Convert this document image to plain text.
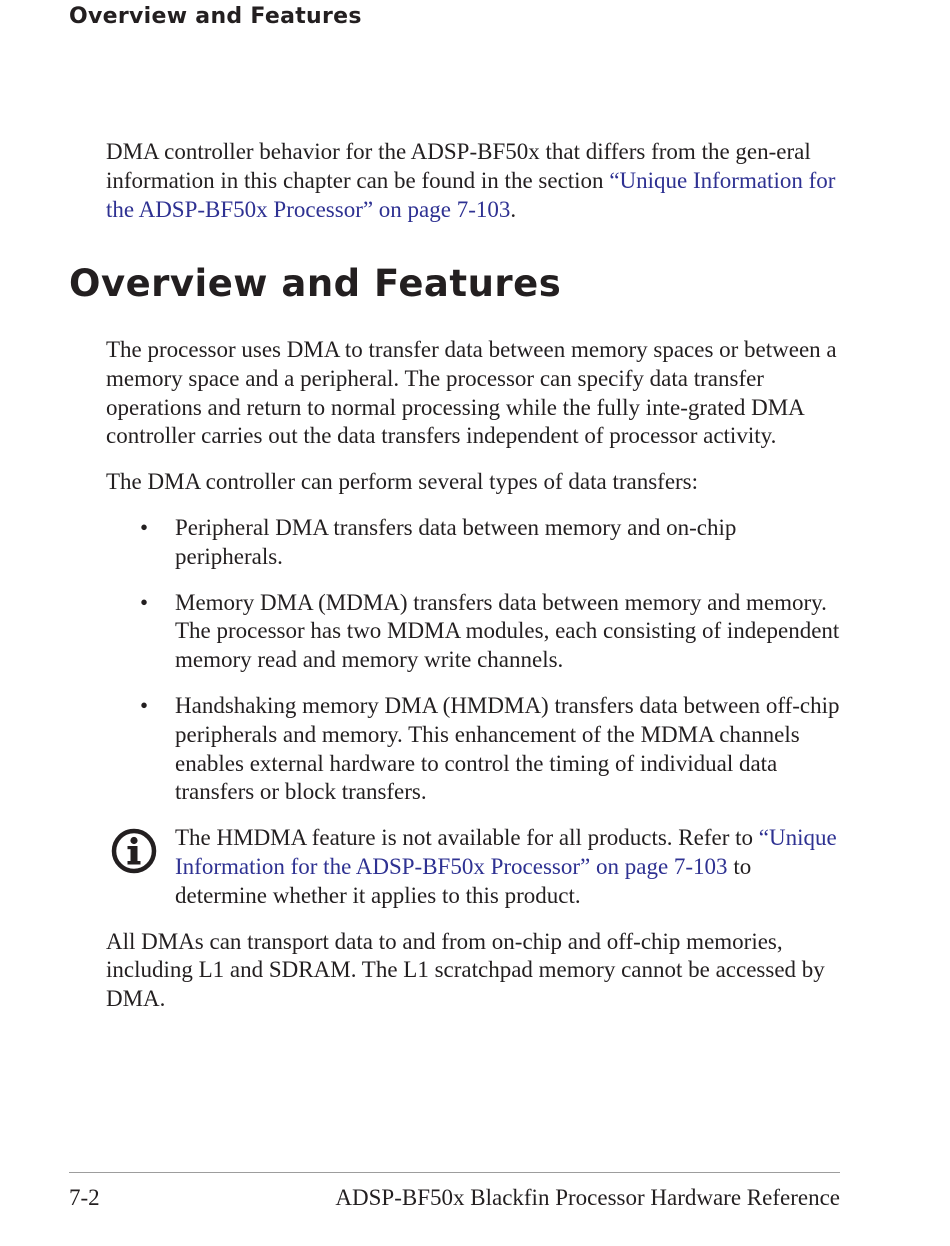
Overview and Features

DMA controller behavior for the ADSP-BF50x that differs from the gen-eral information in this chapter can be found in the section “Unique Information for the ADSP-BF50x Processor” on page 7-103.

Overview and Features

The processor uses DMA to transfer data between memory spaces or between a memory space and a peripheral. The processor can specify data transfer operations and return to normal processing while the fully inte-grated DMA controller carries out the data transfers independent of processor activity.

The DMA controller can perform several types of data transfers:

• Peripheral DMA transfers data between memory and on-chip peripherals.
• Memory DMA (MDMA) transfers data between memory and memory. The processor has two MDMA modules, each consisting of independent memory read and memory write channels.
• Handshaking memory DMA (HMDMA) transfers data between off-chip peripherals and memory. This enhancement of the MDMA channels enables external hardware to control the timing of individual data transfers or block transfers.

The HMDMA feature is not available for all products. Refer to “Unique Information for the ADSP-BF50x Processor” on page 7-103 to determine whether it applies to this product.

All DMAs can transport data to and from on-chip and off-chip memories, including L1 and SDRAM. The L1 scratchpad memory cannot be accessed by DMA.

7-2	ADSP-BF50x Blackfin Processor Hardware Reference
